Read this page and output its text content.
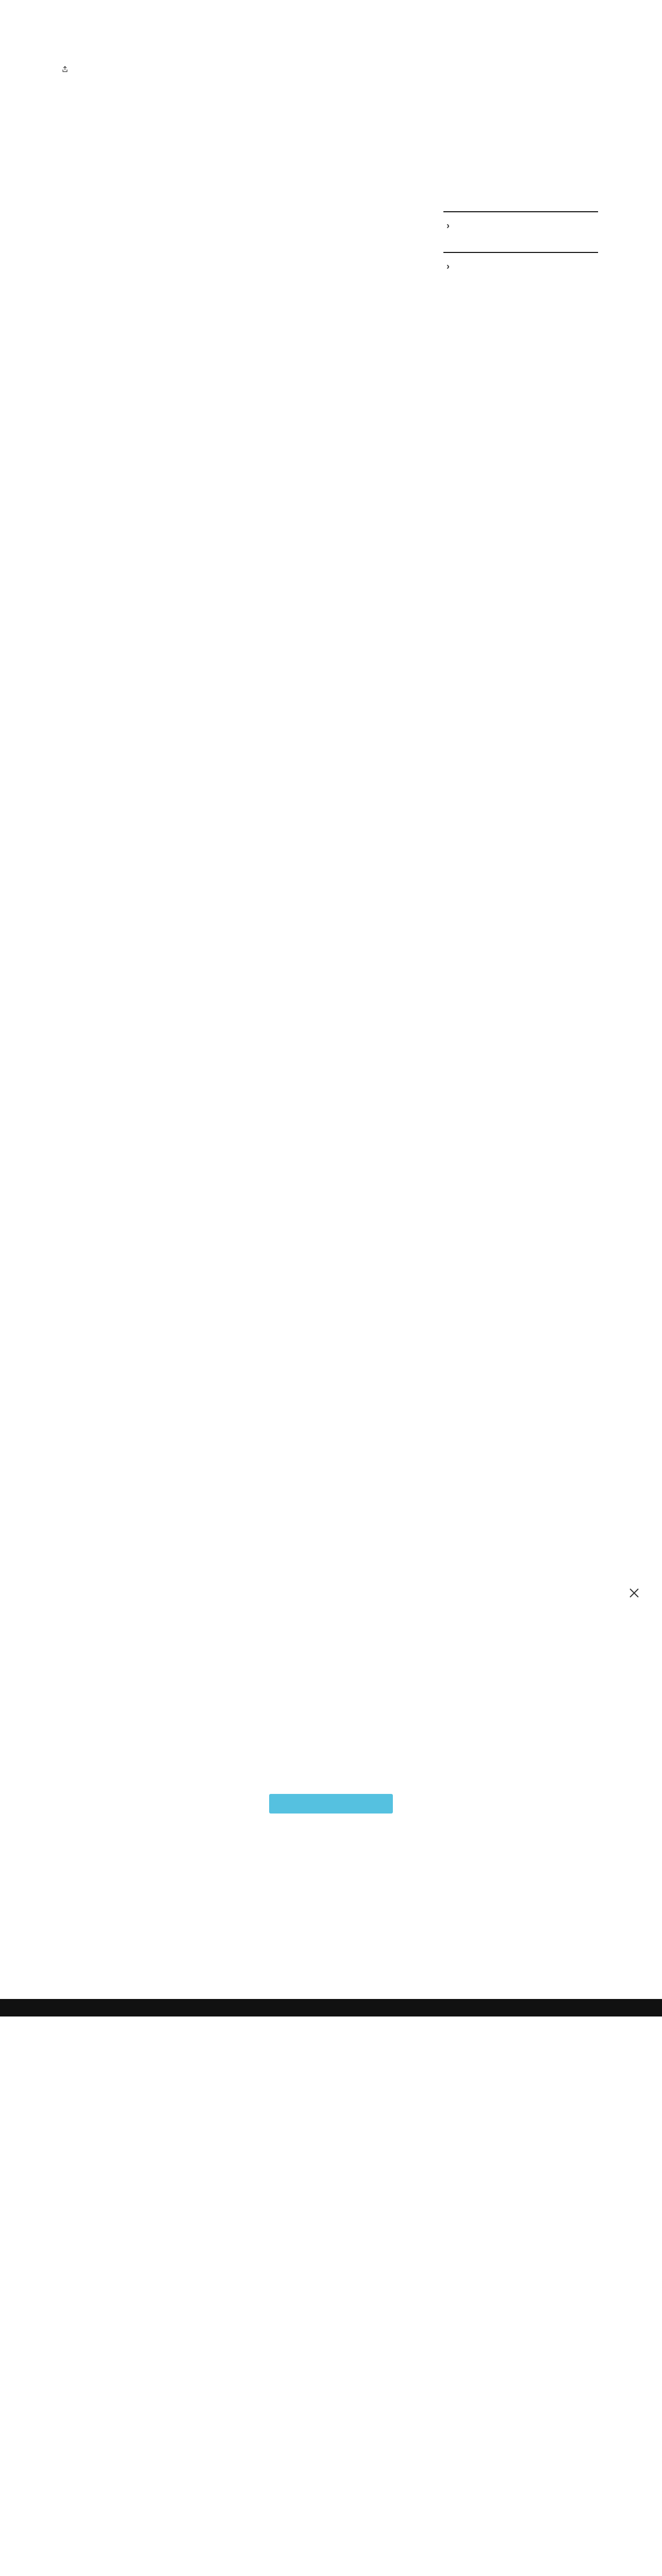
›
›
